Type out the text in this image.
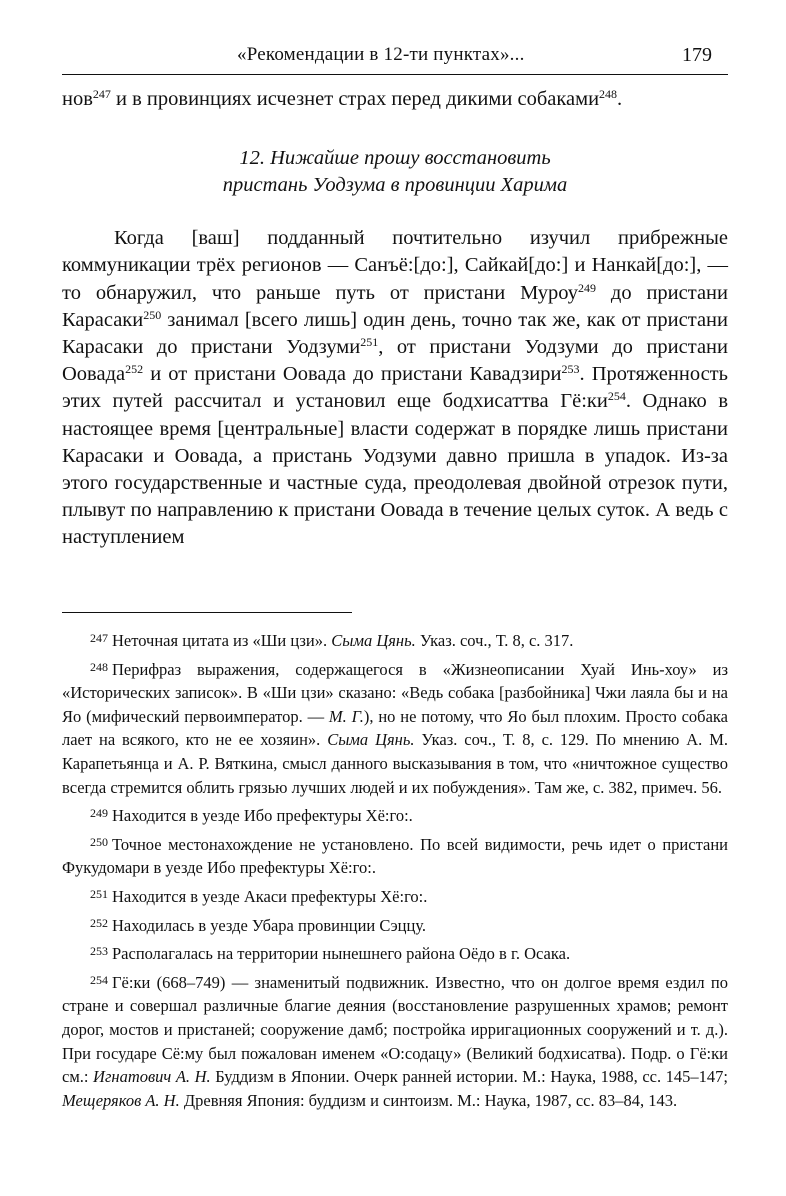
«Рекомендации в 12-ти пунктах»...	179

нов$^{247}$ и в провинциях исчезнет страх перед дикими собаками$^{248}$.

12. Нижайше прошу восстановить
пристань Уодзума в провинции Харима

Когда [ваш] подданный почтительно изучил прибрежные коммуникации трёх регионов — Санъё:[до:], Сайкай[до:] и Нанкай[до:], — то обнаружил, что раньше путь от пристани Муроу$^{249}$ до пристани Карасаки$^{250}$ занимал [всего лишь] один день, точно так же, как от пристани Карасаки до пристани Уодзуми$^{251}$, от пристани Уодзуми до пристани Оовада$^{252}$ и от пристани Оовада до пристани Кавадзири$^{253}$. Протяженность этих путей рассчитал и установил еще бодхисаттва $Гё:ки^{254}$. Однако в настоящее время [центральные] власти содержат в порядке лишь пристани Карасаки и Оовада, а пристань Уодзуми давно пришла в упадок. Из-за этого государственные и частные суда, преодолевая двойной отрезок пути, плывут по направлению к пристани Оовада в течение целых суток. А ведь с наступлением

$^{247}$ Неточная цитата из «Ши цзи». Сыма Цянь. Указ. соч., Т. 8, с. 317.

$^{248}$ Перифраз выражения, содержащегося в «Жизнеописании Хуай Инь-хоу» из «Исторических записок». В «Ши цзи» сказано: «Ведь собака [разбойника] Чжи лаяла бы и на Яо (мифический первоимператор. — М. Г.), но не потому, что Яо был плохим. Просто собака лает на всякого, кто не ее хозяин». Сыма Цянь. Указ. соч., Т. 8, с. 129. По мнению А. М. Карапетьянца и А. Р. Вяткина, смысл данного высказывания в том, что «ничтожное существо всегда стремится облить грязью лучших людей и их побуждения». Там же, с. 382, примеч. 56.

$^{249}$ Находится в уезде Ибо префектуры Хё:го:.

$^{250}$ Точное местонахождение не установлено. По всей видимости, речь идет о пристани Фукудомари в уезде Ибо префектуры Хё:го:.

$^{251}$ Находится в уезде Акаси префектуры Хё:го:.

$^{252}$ Находилась в уезде Убара провинции Сэццу.

$^{253}$ Располагалась на территории нынешнего района Оёдо в г. Осака.

$^{254}$ Гё:ки (668–749) — знаменитый подвижник. Известно, что он долгое время ездил по стране и совершал различные благие деяния (восстановление разрушенных храмов; ремонт дорог, мостов и пристаней; сооружение дамб; постройка ирригационных сооружений и т. д.). При государе Сё:му был пожалован именем «О:содацу» (Великий бодхисатва). Подр. о Гё:ки см.: Игнатович А. Н. Буддизм в Японии. Очерк ранней истории. М.: Наука, 1988, сс. 145–147; Мещеряков А. Н. Древняя Япония: буддизм и синтоизм. М.: Наука, 1987, сс. 83–84, 143.
